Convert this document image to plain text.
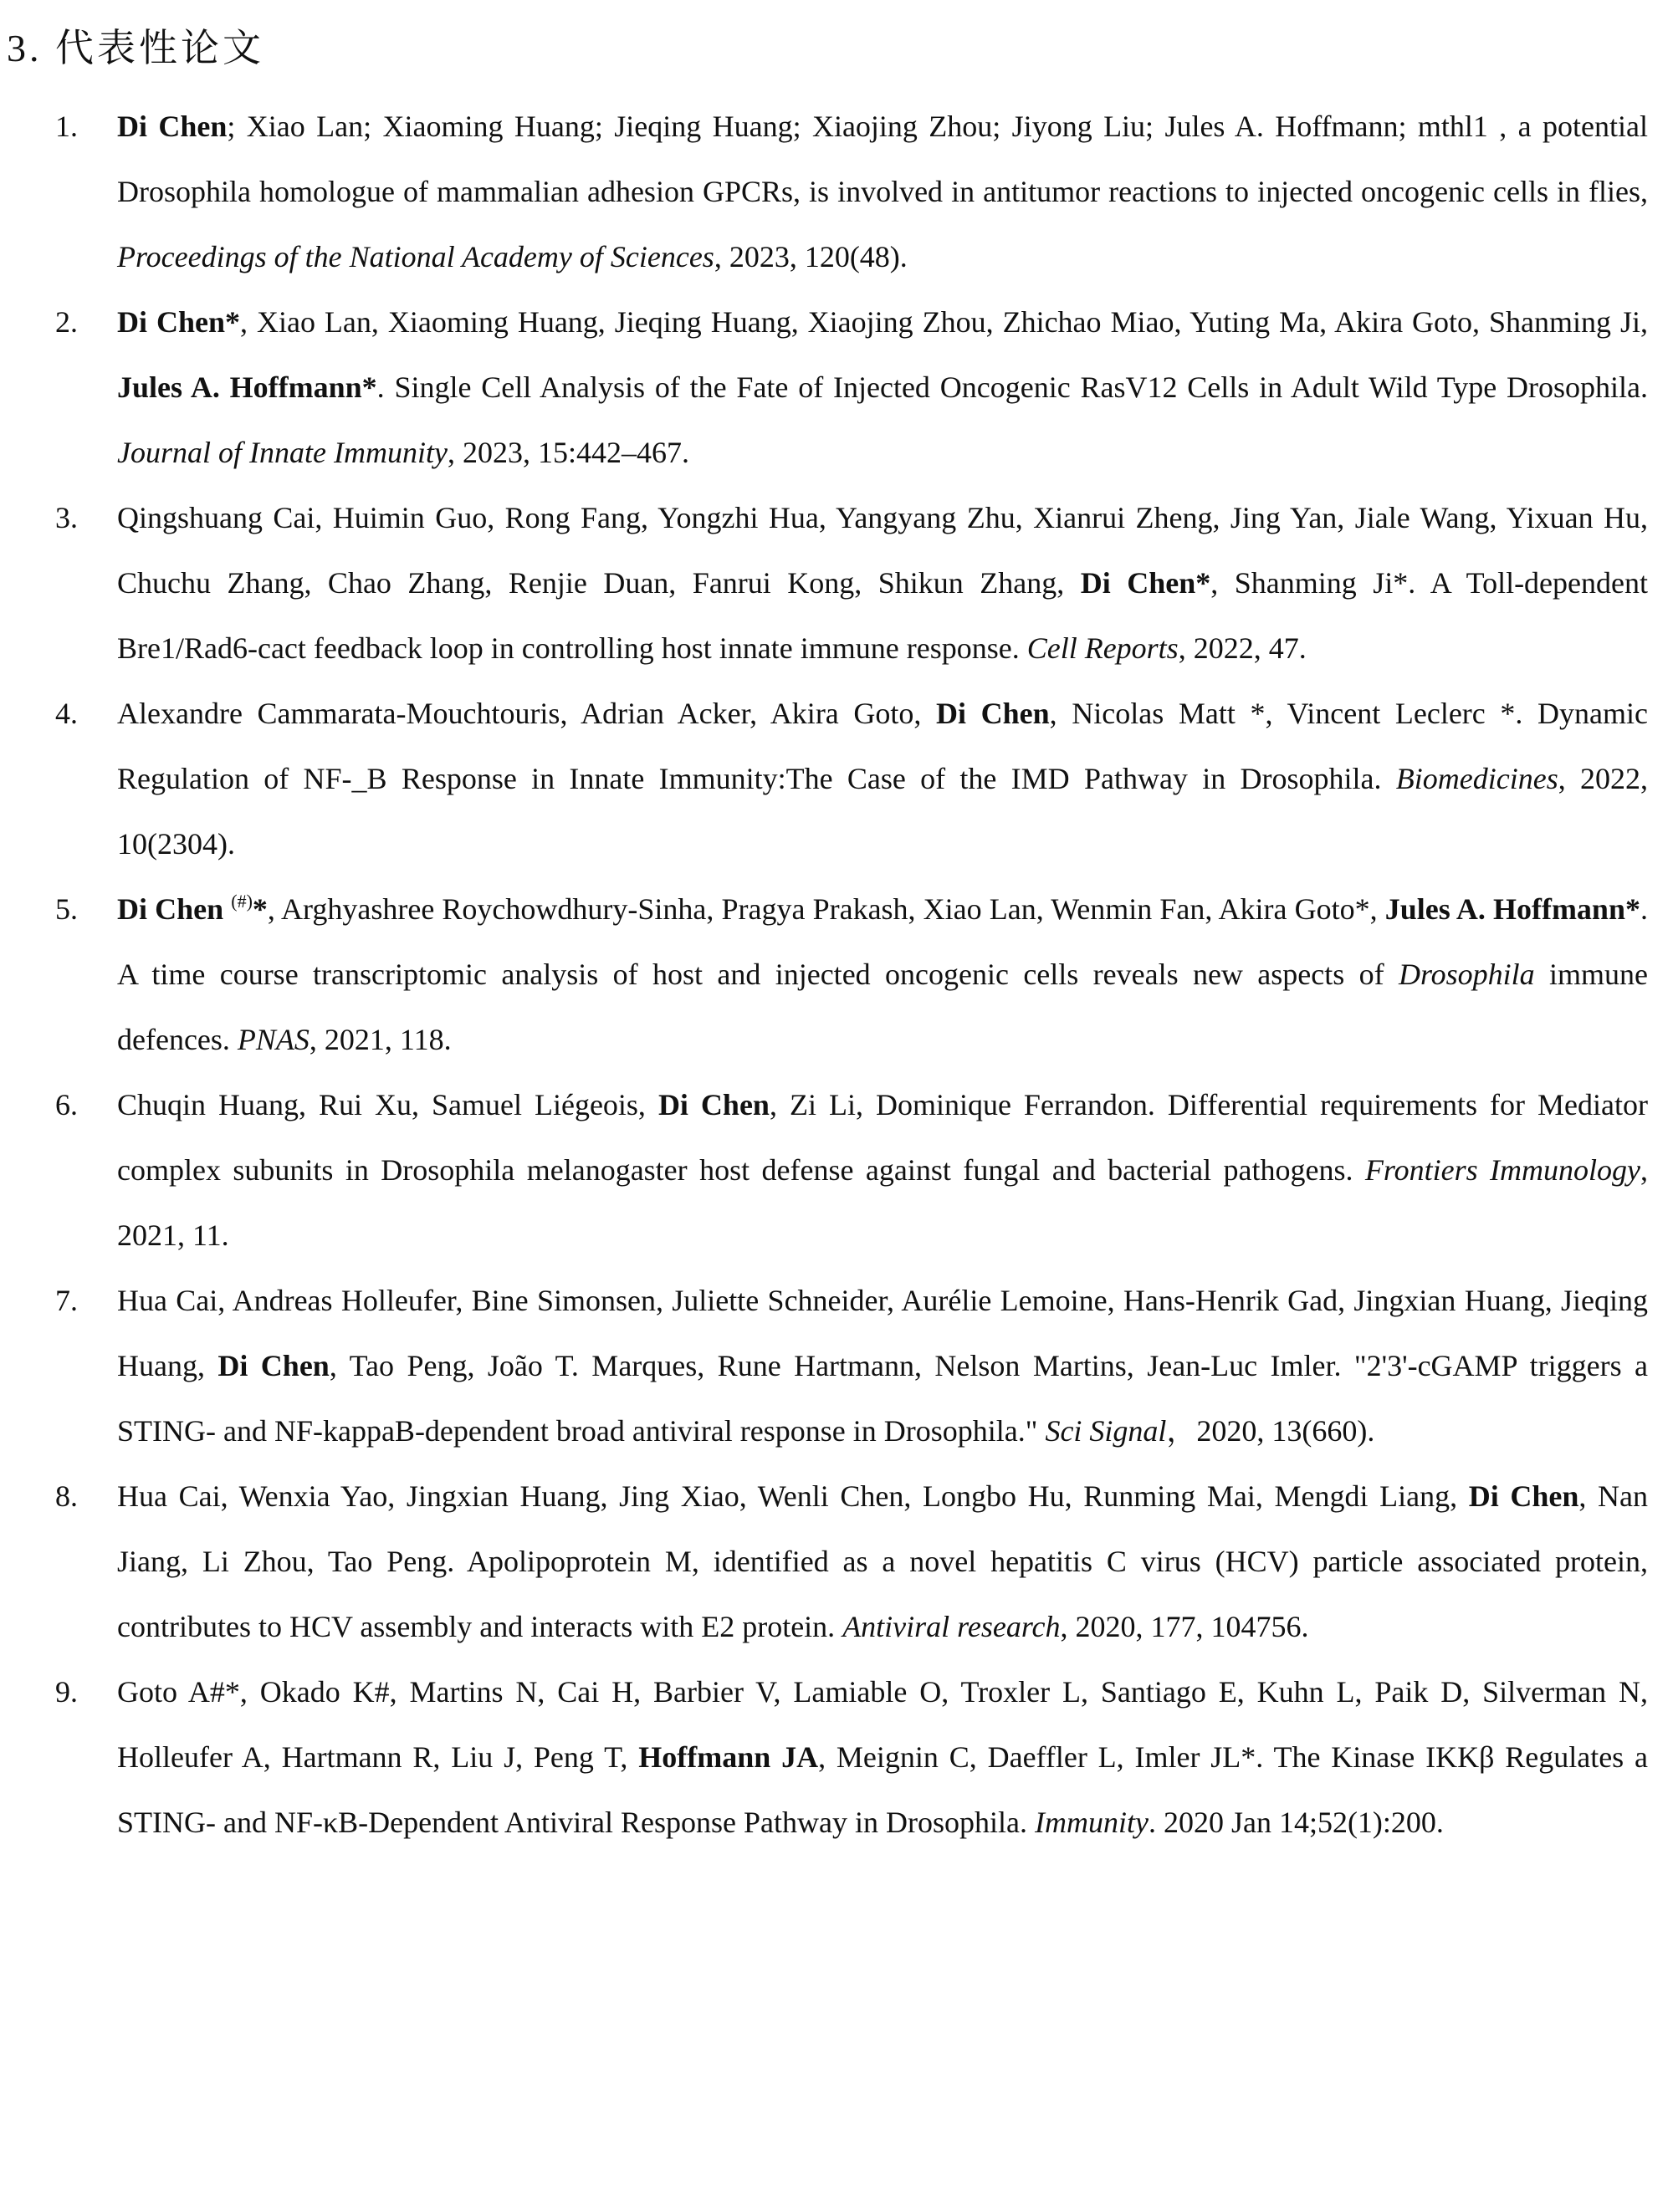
3. 代表性论文
1.	Di Chen; Xiao Lan; Xiaoming Huang; Jieqing Huang; Xiaojing Zhou; Jiyong Liu; Jules A. Hoffmann; mthl1 , a potential Drosophila homologue of mammalian adhesion GPCRs, is involved in antitumor reactions to injected oncogenic cells in flies, Proceedings of the National Academy of Sciences, 2023, 120(48).
2.	Di Chen*, Xiao Lan, Xiaoming Huang, Jieqing Huang, Xiaojing Zhou, Zhichao Miao, Yuting Ma, Akira Goto, Shanming Ji, Jules A. Hoffmann*. Single Cell Analysis of the Fate of Injected Oncogenic RasV12 Cells in Adult Wild Type Drosophila. Journal of Innate Immunity, 2023, 15:442–467.
3.	Qingshuang Cai, Huimin Guo, Rong Fang, Yongzhi Hua, Yangyang Zhu, Xianrui Zheng, Jing Yan, Jiale Wang, Yixuan Hu, Chuchu Zhang, Chao Zhang, Renjie Duan, Fanrui Kong, Shikun Zhang, Di Chen*, Shanming Ji*. A Toll-dependent Bre1/Rad6-cact feedback loop in controlling host innate immune response. Cell Reports, 2022, 47.
4.	Alexandre Cammarata-Mouchtouris, Adrian Acker, Akira Goto, Di Chen, Nicolas Matt *, Vincent Leclerc *. Dynamic Regulation of NF-_B Response in Innate Immunity:The Case of the IMD Pathway in Drosophila. Biomedicines, 2022, 10(2304).
5.	Di Chen (#)*, Arghyashree Roychowdhury-Sinha, Pragya Prakash, Xiao Lan, Wenmin Fan, Akira Goto*, Jules A. Hoffmann*. A time course transcriptomic analysis of host and injected oncogenic cells reveals new aspects of Drosophila immune defences. PNAS, 2021, 118.
6.	Chuqin Huang, Rui Xu, Samuel Liégeois, Di Chen, Zi Li, Dominique Ferrandon. Differential requirements for Mediator complex subunits in Drosophila melanogaster host defense against fungal and bacterial pathogens. Frontiers Immunology, 2021, 11.
7.	Hua Cai, Andreas Holleufer, Bine Simonsen, Juliette Schneider, Aurélie Lemoine, Hans-Henrik Gad, Jingxian Huang, Jieqing Huang, Di Chen, Tao Peng, João T. Marques, Rune Hartmann, Nelson Martins, Jean-Luc Imler. "2'3'-cGAMP triggers a STING- and NF-kappaB-dependent broad antiviral response in Drosophila." Sci Signal，2020, 13(660).
8.	Hua Cai, Wenxia Yao, Jingxian Huang, Jing Xiao, Wenli Chen, Longbo Hu, Runming Mai, Mengdi Liang, Di Chen, Nan Jiang, Li Zhou, Tao Peng. Apolipoprotein M, identified as a novel hepatitis C virus (HCV) particle associated protein, contributes to HCV assembly and interacts with E2 protein. Antiviral research, 2020, 177, 104756.
9.	Goto A#*, Okado K#, Martins N, Cai H, Barbier V, Lamiable O, Troxler L, Santiago E, Kuhn L, Paik D, Silverman N, Holleufer A, Hartmann R, Liu J, Peng T, Hoffmann JA, Meignin C, Daeffler L, Imler JL*. The Kinase IKKβ Regulates a STING- and NF-κB-Dependent Antiviral Response Pathway in Drosophila. Immunity. 2020 Jan 14;52(1):200.
